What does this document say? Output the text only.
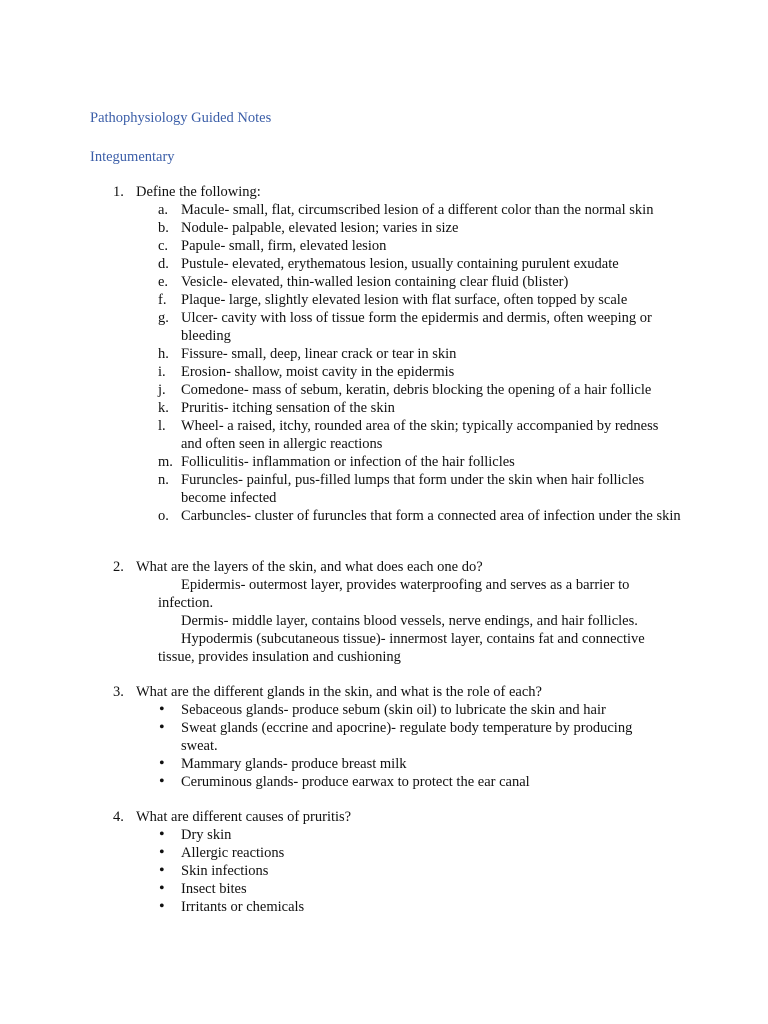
Pathophysiology Guided Notes
Integumentary
1. Define the following:
a. Macule- small, flat, circumscribed lesion of a different color than the normal skin
b. Nodule- palpable, elevated lesion; varies in size
c. Papule- small, firm, elevated lesion
d. Pustule- elevated, erythematous lesion, usually containing purulent exudate
e. Vesicle- elevated, thin-walled lesion containing clear fluid (blister)
f. Plaque- large, slightly elevated lesion with flat surface, often topped by scale
g. Ulcer- cavity with loss of tissue form the epidermis and dermis, often weeping or bleeding
h. Fissure- small, deep, linear crack or tear in skin
i. Erosion- shallow, moist cavity in the epidermis
j. Comedone- mass of sebum, keratin, debris blocking the opening of a hair follicle
k. Pruritis- itching sensation of the skin
l. Wheel- a raised, itchy, rounded area of the skin; typically accompanied by redness and often seen in allergic reactions
m. Folliculitis- inflammation or infection of the hair follicles
n. Furuncles- painful, pus-filled lumps that form under the skin when hair follicles become infected
o. Carbuncles- cluster of furuncles that form a connected area of infection under the skin
2. What are the layers of the skin, and what does each one do?
Epidermis- outermost layer, provides waterproofing and serves as a barrier to infection.
Dermis- middle layer, contains blood vessels, nerve endings, and hair follicles.
Hypodermis (subcutaneous tissue)- innermost layer, contains fat and connective tissue, provides insulation and cushioning
3. What are the different glands in the skin, and what is the role of each?
• Sebaceous glands- produce sebum (skin oil) to lubricate the skin and hair
• Sweat glands (eccrine and apocrine)- regulate body temperature by producing sweat.
• Mammary glands- produce breast milk
• Ceruminous glands- produce earwax to protect the ear canal
4. What are different causes of pruritis?
• Dry skin
• Allergic reactions
• Skin infections
• Insect bites
• Irritants or chemicals
